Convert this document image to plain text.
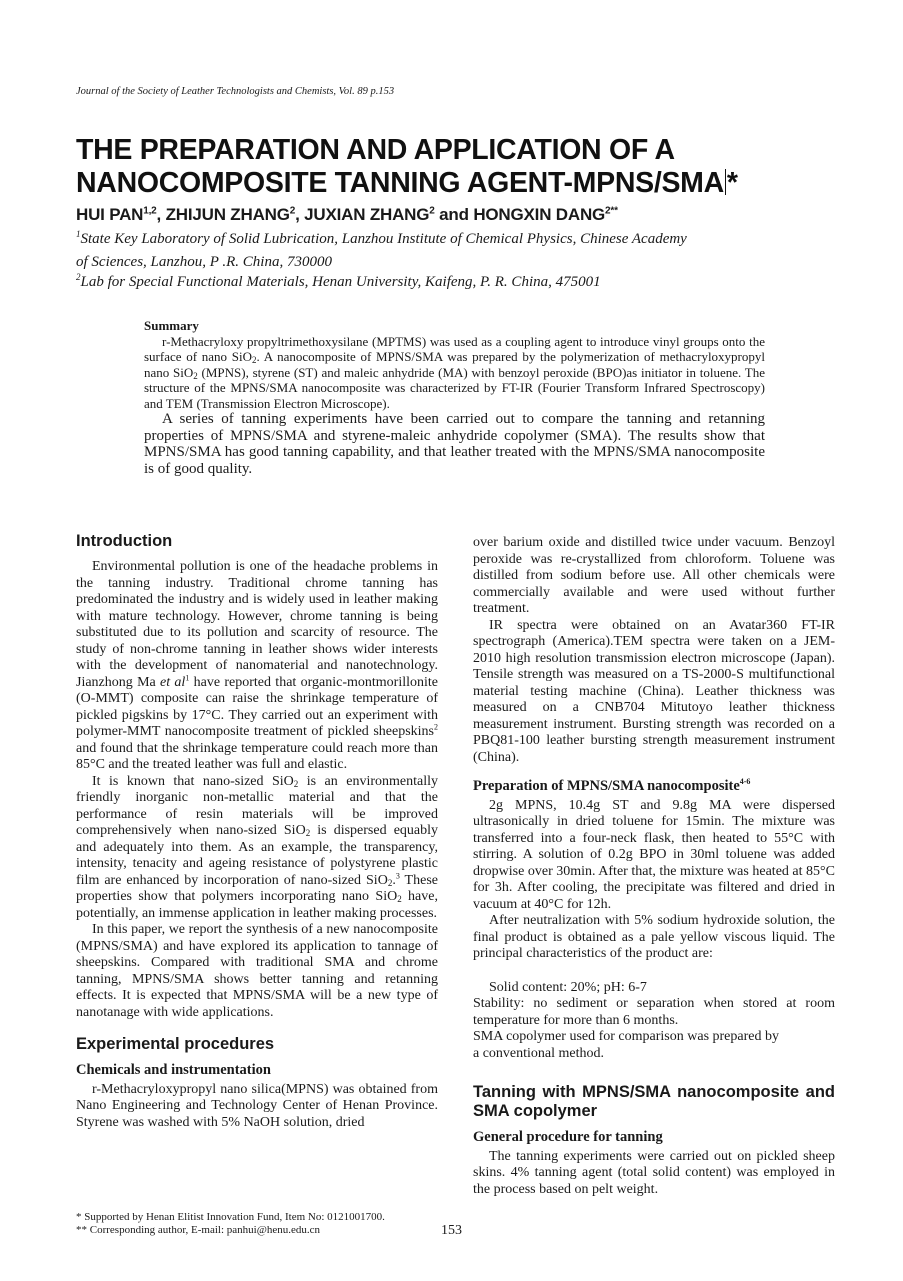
Journal of the Society of Leather Technologists and Chemists, Vol. 89 p.153
THE PREPARATION AND APPLICATION OF A
NANOCOMPOSITE TANNING AGENT-MPNS/SMA *
HUI PAN$^{1,2}$, ZHIJUN ZHANG$^2$, JUXIAN ZHANG$^2$ and HONGXIN $DANG^{2**}$
$^1$State Key Laboratory of Solid Lubrication, Lanzhou Institute of Chemical Physics, Chinese Academy
of Sciences, Lanzhou, P .R. China, 730000
$^2$Lab for Special Functional Materials, Henan University, Kaifeng, P. R. China, 475001
Summary

r-Methacryloxy propyltrimethoxysilane (MPTMS) was used as a coupling agent to introduce vinyl groups onto the surface of nano SiO$_2$. A nanocomposite of MPNS/SMA was prepared by the polymerization of methacryloxypropyl nano SiO$_2$ (MPNS), styrene (ST) and maleic anhydride (MA) with benzoyl peroxide (BPO)as initiator in toluene. The structure of the MPNS/SMA nanocomposite was characterized by FT-IR (Fourier Transform Infrared Spectroscopy) and TEM (Transmission Electron Microscope).

A series of tanning experiments have been carried out to compare the tanning and retanning properties of MPNS/SMA and styrene-maleic anhydride copolymer (SMA). The results show that MPNS/SMA has good tanning capability, and that leather treated with the MPNS/SMA nanocomposite is of good quality.

Introduction

Environmental pollution is one of the headache problems in the tanning industry. Traditional chrome tanning has predominated the industry and is widely used in leather making with mature technology. However, chrome tanning is being substituted due to its pollution and scarcity of resource. The study of non-chrome tanning in leather shows wider interests with the development of nanomaterial and nanotechnology. Jianzhong Ma et $al^1$ have reported that organic-montmorillonite (O-MMT) composite can raise the shrinkage temperature of pickled pigskins by 17°C. They carried out an experiment with polymer-MMT nanocomposite treatment of pickled sheepskins$^2$ and found that the shrinkage temperature could reach more than 85°C and the treated leather was full and elastic.

It is known that nano-sized SiO$_2$ is an environmentally friendly inorganic non-metallic material and that the performance of resin materials will be improved comprehensively when nano-sized SiO$_2$ is dispersed equably and adequately into them. As an example, the transparency, intensity, tenacity and ageing resistance of polystyrene plastic film are enhanced by incorporation of nano-sized SiO$_2$.$^3$ These properties show that polymers incorporating nano SiO$_2$ have, potentially, an immense application in leather making processes.

In this paper, we report the synthesis of a new nanocomposite (MPNS/SMA) and have explored its application to tannage of sheepskins. Compared with traditional SMA and chrome tanning, MPNS/SMA shows better tanning and retanning effects. It is expected that MPNS/SMA will be a new type of nanotanage with wide applications.

Experimental procedures
Chemicals and instrumentation

r-Methacryloxypropyl nano silica(MPNS) was obtained from Nano Engineering and Technology Center of Henan Province. Styrene was washed with 5% NaOH solution, dried

over barium oxide and distilled twice under vacuum. Benzoyl peroxide was re-crystallized from chloroform. Toluene was distilled from sodium before use. All other chemicals were commercially available and were used without further treatment.

IR spectra were obtained on an Avatar360 FT-IR spectrograph (America).TEM spectra were taken on a JEM-2010 high resolution transmission electron microscope (Japan). Tensile strength was measured on a TS-2000-S multifunctional material testing machine (China). Leather thickness was measured on a CNB704 Mitutoyo leather thickness measurement instrument. Bursting strength was recorded on a PBQ81-100 leather bursting strength measurement instrument (China).

Preparation of MPNS/SMA nanocomposite$^{4-6}$

2g MPNS, 10.4g ST and 9.8g MA were dispersed ultrasonically in dried toluene for 15min. The mixture was transferred into a four-neck flask, then heated to 55°C with stirring. A solution of 0.2g BPO in 30ml toluene was added dropwise over 30min. After that, the mixture was heated at 85°C for 3h. After cooling, the precipitate was filtered and dried in vacuum at 40°C for 12h.

After neutralization with 5% sodium hydroxide solution, the final product is obtained as a pale yellow viscous liquid. The principal characteristics of the product are:

Solid content: 20%; pH: 6-7

Stability: no sediment or separation when stored at room temperature for more than 6 months.

SMA copolymer used for comparison was prepared by
a conventional method.

Tanning with MPNS/SMA nanocomposite and SMA copolymer
General procedure for tanning

The tanning experiments were carried out on pickled sheep skins. 4% tanning agent (total solid content) was employed in the process based on pelt weight.

* Supported by Henan Elitist Innovation Fund, Item No: 0121001700.
** Corresponding author, E-mail: panhui@henu.edu.cn	153
